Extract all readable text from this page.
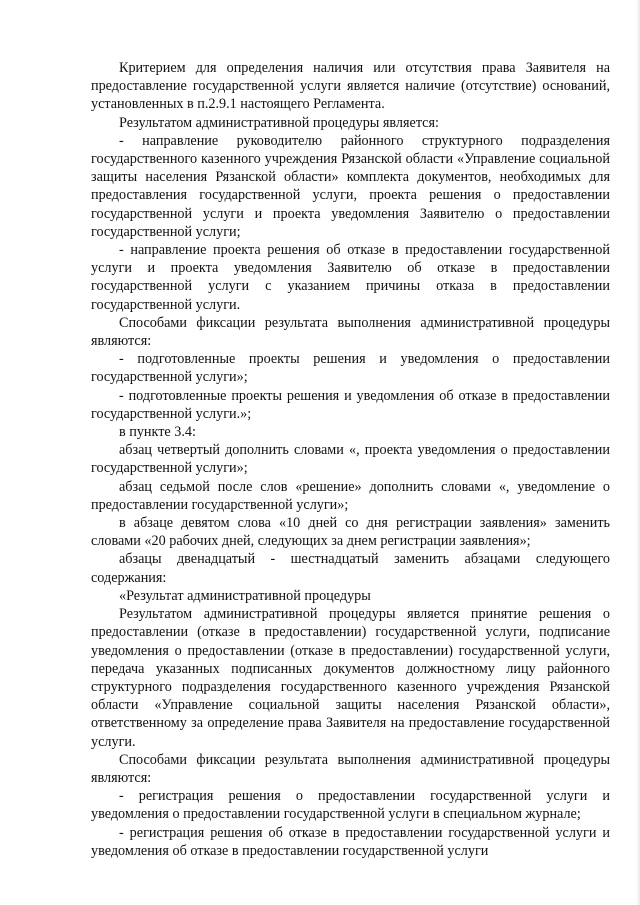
Критерием для определения наличия или отсутствия права Заявителя на предоставление государственной услуги является наличие (отсутствие) оснований, установленных в п.2.9.1 настоящего Регламента.

Результатом административной процедуры является:

- направление руководителю районного структурного подразделения государственного казенного учреждения Рязанской области «Управление социальной защиты населения Рязанской области» комплекта документов, необходимых для предоставления государственной услуги, проекта решения о предоставлении государственной услуги и проекта уведомления Заявителю о предоставлении государственной услуги;

- направление проекта решения об отказе в предоставлении государственной услуги и проекта уведомления Заявителю об отказе в предоставлении государственной услуги с указанием причины отказа в предоставлении государственной услуги.

Способами фиксации результата выполнения административной процедуры являются:

- подготовленные проекты решения и уведомления о предоставлении государственной услуги»;

- подготовленные проекты решения и уведомления об отказе в предоставлении государственной услуги.»;

в пункте 3.4:

абзац четвертый дополнить словами «, проекта уведомления о предоставлении государственной услуги»;

абзац седьмой после слов «решение» дополнить словами «, уведомление о предоставлении государственной услуги»;

в абзаце девятом слова «10 дней со дня регистрации заявления» заменить словами «20 рабочих дней, следующих за днем регистрации заявления»;

абзацы двенадцатый - шестнадцатый заменить абзацами следующего содержания:

«Результат административной процедуры

Результатом административной процедуры является принятие решения о предоставлении (отказе в предоставлении) государственной услуги, подписание уведомления о предоставлении (отказе в предоставлении) государственной услуги, передача указанных подписанных документов должностному лицу районного структурного подразделения государственного казенного учреждения Рязанской области «Управление социальной защиты населения Рязанской области», ответственному за определение права Заявителя на предоставление государственной услуги.

Способами фиксации результата выполнения административной процедуры являются:

- регистрация решения о предоставлении государственной услуги и уведомления о предоставлении государственной услуги в специальном журнале;

- регистрация решения об отказе в предоставлении государственной услуги и уведомления об отказе в предоставлении государственной услуги
